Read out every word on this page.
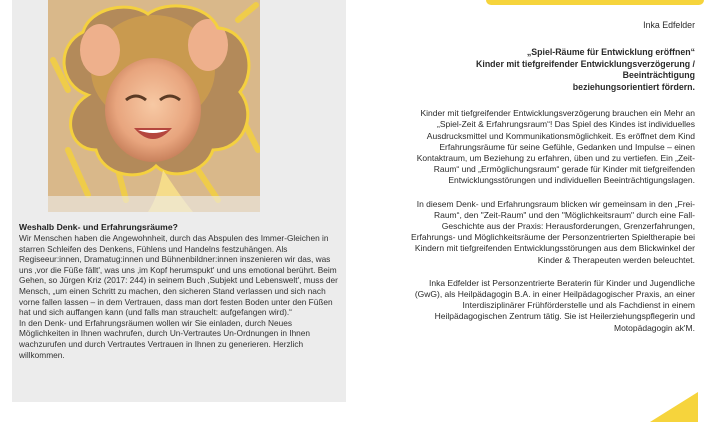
Weshalb Denk- und Erfahrungsräume?

Wir Menschen haben die Angewohnheit, durch das Abspulen des Immer-Gleichen in starren Schleifen des Denkens, Fühlens und Handelns festzuhängen. Als Regiseeur:innen, Dramatug:innen und Bühnenbildner:innen inszenieren wir das, was uns ‚vor die Füße fällt', was uns ‚im Kopf herumspukt' und uns emotional berührt. Beim Gehen, so Jürgen Kriz (2017: 244) in seinem Buch ‚Subjekt und Lebenswelt', muss der Mensch, „um einen Schritt zu machen, den sicheren Stand verlassen und sich nach vorne fallen lassen – in dem Vertrauen, dass man dort festen Boden unter den Füßen hat und sich auffangen kann (und falls man strauchelt: aufgefangen wird).“

In den Denk- und Erfahrungsräumen wollen wir Sie einladen, durch Neues Möglichkeiten in Ihnen wachrufen, durch Un-Vertrautes Un-Ordnungen in Ihnen wachzurufen und durch Vertrautes Vertrauen in Ihnen zu generieren. Herzlich willkommen.

Inka Edfelder

„Spiel-Räume für Entwicklung eröffnen“

Kinder mit tiefgreifender Entwicklungsverzögerung / Beeinträchtigung

beziehungsorientiert fördern.

Kinder mit tiefgreifender Entwicklungsverzögerung brauchen ein Mehr an „Spiel-Zeit & Erfahrungsraum“! Das Spiel des Kindes ist individuelles Ausdrucksmittel und Kommunikationsmöglichkeit. Es eröffnet dem Kind Erfahrungsräume für seine Gefühle, Gedanken und Impulse – einen Kontaktraum, um Beziehung zu erfahren, üben und zu vertiefen. Ein „Zeit-Raum“ und „Ermöglichungsraum“ gerade für Kinder mit tiefgreifenden Entwicklungsstörungen und individuellen Beeinträchtigungslagen.

In diesem Denk- und Erfahrungsraum blicken wir gemeinsam in den „Frei-Raum“, den "Zeit-Raum" und den "Möglichkeitsraum" durch eine Fall-Geschichte aus der Praxis: Herausforderungen, Grenzerfahrungen, Erfahrungs- und Möglichkeitsräume der Personzentrierten Spieltherapie bei Kindern mit tiefgreifenden Entwicklungsstörungen aus dem Blickwinkel der Kinder & Therapeuten werden beleuchtet.

Inka Edfelder ist Personzentrierte Beraterin für Kinder und Jugendliche (GwG), als Heilpädagogin B.A. in einer Heilpädagogischer Praxis, an einer Interdisziplinärer Frühförderstelle und als Fachdienst in einem Heilpädagogischen Zentrum tätig. Sie ist Heilerziehungspflegerin und Motopädagogin ak'M.
